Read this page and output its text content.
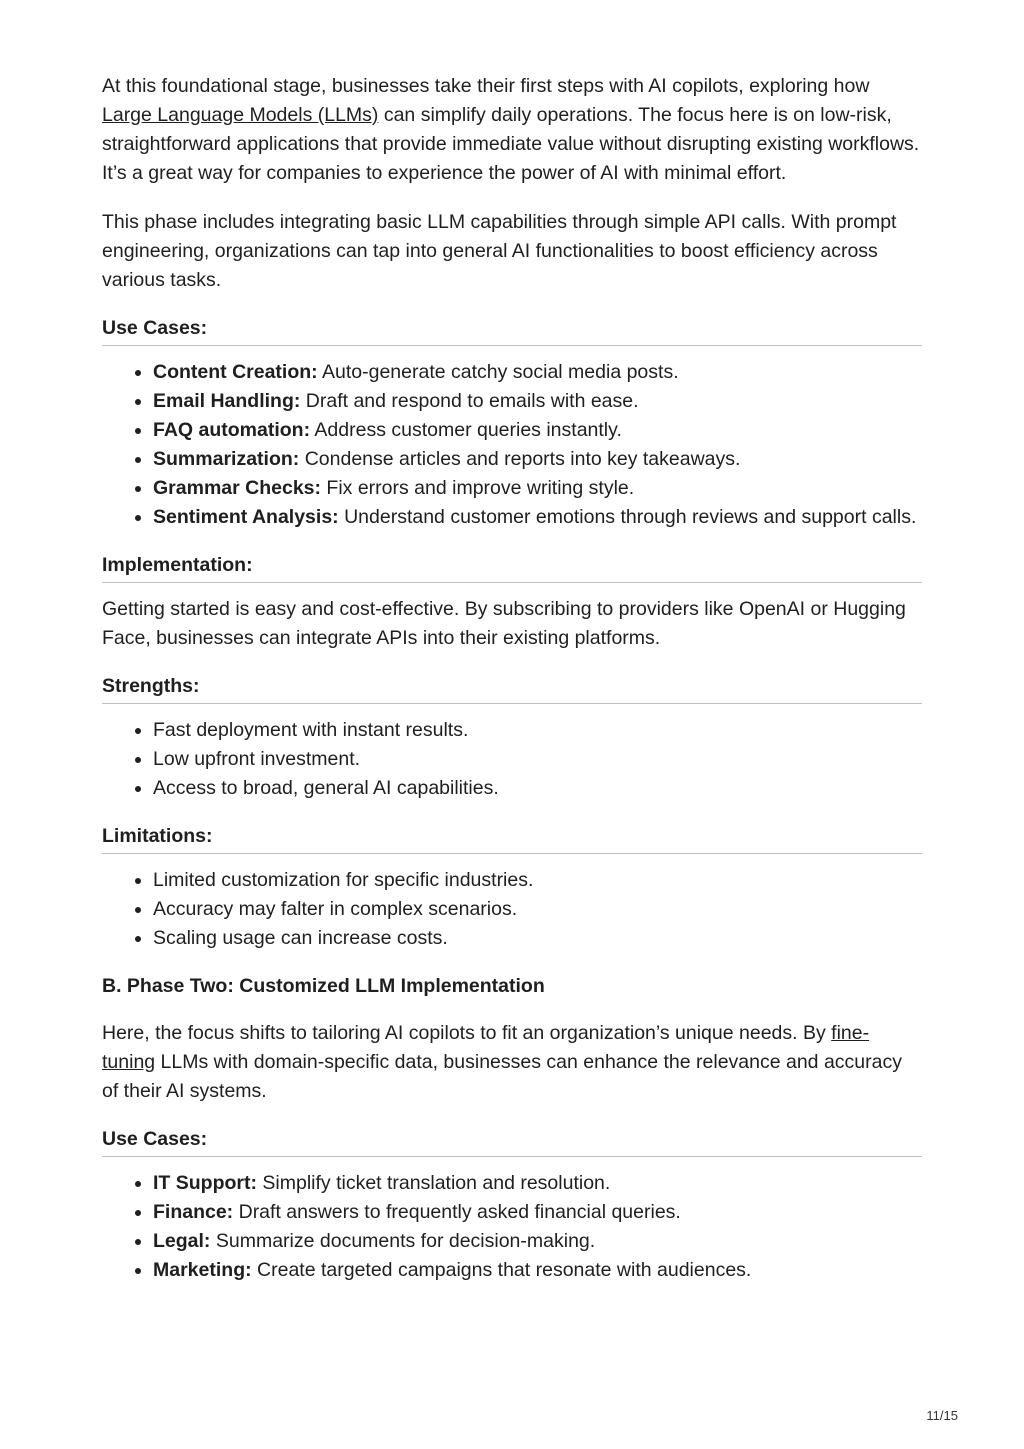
At this foundational stage, businesses take their first steps with AI copilots, exploring how Large Language Models (LLMs) can simplify daily operations. The focus here is on low-risk, straightforward applications that provide immediate value without disrupting existing workflows. It’s a great way for companies to experience the power of AI with minimal effort.

This phase includes integrating basic LLM capabilities through simple API calls. With prompt engineering, organizations can tap into general AI functionalities to boost efficiency across various tasks.

Use Cases:
• Content Creation: Auto-generate catchy social media posts.
• Email Handling: Draft and respond to emails with ease.
• FAQ automation: Address customer queries instantly.
• Summarization: Condense articles and reports into key takeaways.
• Grammar Checks: Fix errors and improve writing style.
• Sentiment Analysis: Understand customer emotions through reviews and support calls.
Implementation:

Getting started is easy and cost-effective. By subscribing to providers like OpenAI or Hugging Face, businesses can integrate APIs into their existing platforms.

Strengths:
• Fast deployment with instant results.
• Low upfront investment.
• Access to broad, general AI capabilities.
Limitations:
• Limited customization for specific industries.
• Accuracy may falter in complex scenarios.
• Scaling usage can increase costs.
B. Phase Two: Customized LLM Implementation

Here, the focus shifts to tailoring AI copilots to fit an organization’s unique needs. By fine-tuning LLMs with domain-specific data, businesses can enhance the relevance and accuracy of their AI systems.

Use Cases:
• IT Support: Simplify ticket translation and resolution.
• Finance: Draft answers to frequently asked financial queries.
• Legal: Summarize documents for decision-making.
• Marketing: Create targeted campaigns that resonate with audiences.
11/15
